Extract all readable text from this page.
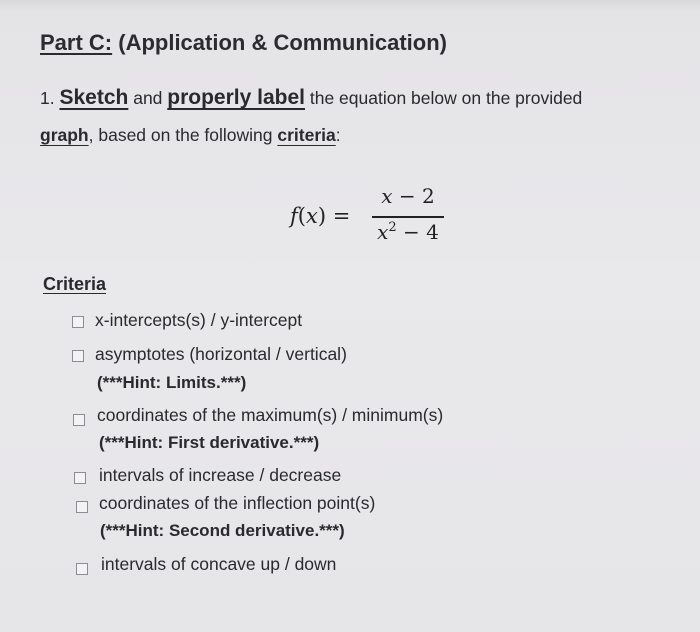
Part C: (Application & Communication)
1. Sketch and properly label the equation below on the provided
graph, based on the following criteria:
f(x) =
x − 2
$x^2 - 4$
Criteria
x-intercepts(s) / y-intercept
asymptotes (horizontal / vertical)
(***Hint: Limits.***)
coordinates of the maximum(s) / minimum(s)
(***Hint: First derivative.***)
intervals of increase / decrease
coordinates of the inflection point(s)
(***Hint: Second derivative.***)
intervals of concave up / down
